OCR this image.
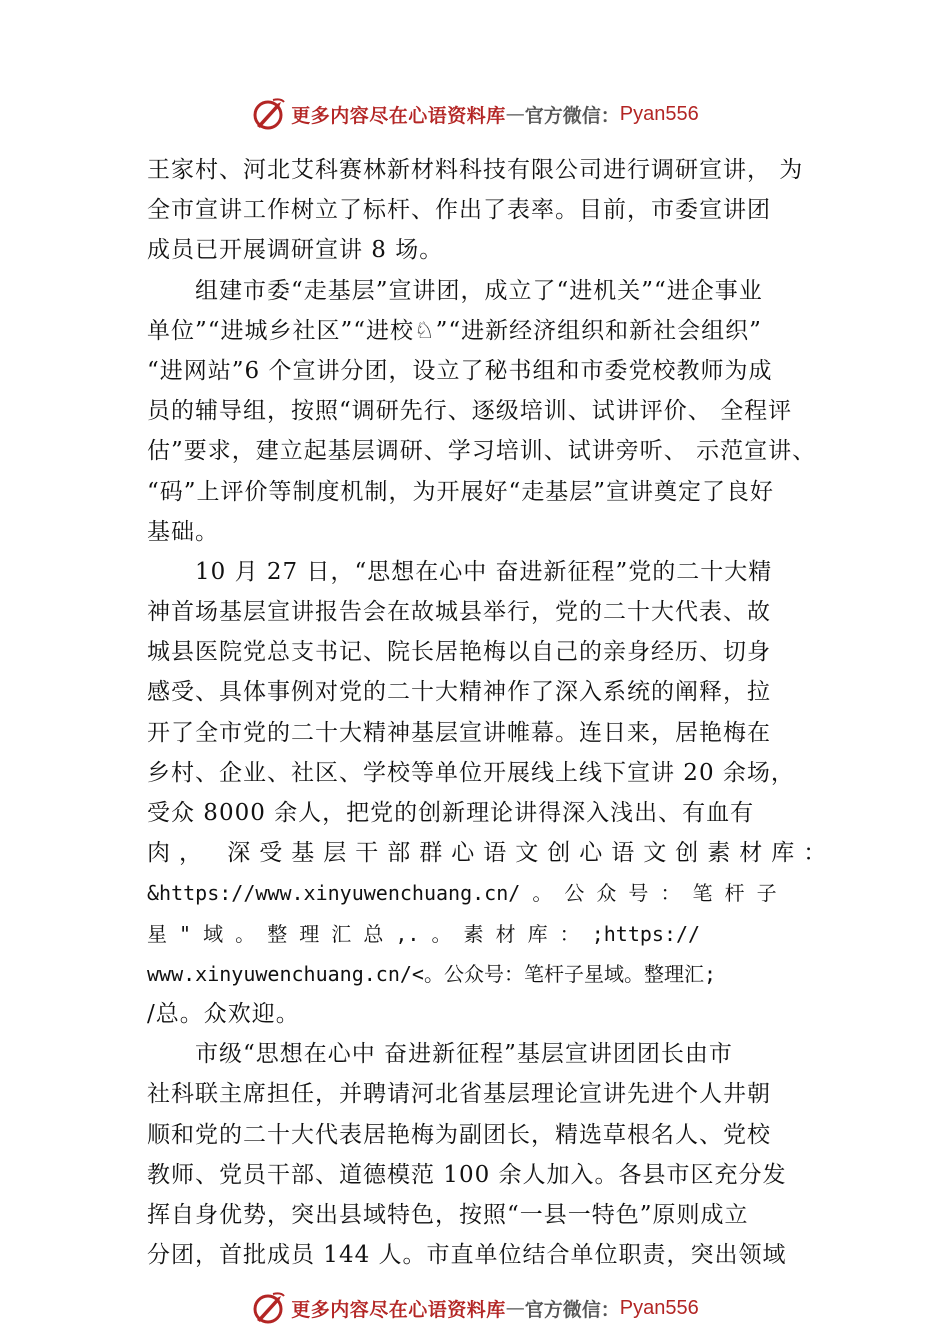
更多内容尽在心语资料库 — 官方微信： Pyan556
王家村、河北艾科赛林新材料科技有限公司进行调研宣讲， 为
全市宣讲工作树立了标杆、作出了表率。目前，市委宣讲团
成员已开展调研宣讲 8 场。
组建市委“走基层”宣讲团，成立了“进机关”“进企事业
单位”“进城乡社区”“进校♘”“进新经济组织和新社会组织”
“进网站”6 个宣讲分团，设立了秘书组和市委党校教师为成
员的辅导组，按照“调研先行、逐级培训、试讲评价、 全程评
估”要求，建立起基层调研、学习培训、试讲旁听、 示范宣讲、
“码”上评价等制度机制，为开展好“走基层”宣讲奠定了良好
基础。
10 月 27 日，“思想在心中 奋进新征程”党的二十大精
神首场基层宣讲报告会在故城县举行，党的二十大代表、故
城县医院党总支书记、院长居艳梅以自己的亲身经历、切身
感受、具体事例对党的二十大精神作了深入系统的阐释，拉
开了全市党的二十大精神基层宣讲帷幕。连日来，居艳梅在
乡村、企业、社区、学校等单位开展线上线下宣讲 20 余场，
受众 8000 余人，把党的创新理论讲得深入浅出、有血有
肉， 深受基层干部群心语文创心语文创素材库：
&https://www.xinyuwenchuang.cn/ 。 公 众 号 ： 笔 杆 子
星 " 域 。 整 理 汇 总 ,. 。 素 材 库 ： ;https://
www.xinyuwenchuang.cn/<。公众号：笔杆子星域。整理汇;
/总。众欢迎。
市级“思想在心中 奋进新征程”基层宣讲团团长由市
社科联主席担任，并聘请河北省基层理论宣讲先进个人井朝
顺和党的二十大代表居艳梅为副团长，精选草根名人、党校
教师、党员干部、道德模范 100 余人加入。各县市区充分发
挥自身优势，突出县域特色，按照“一县一特色”原则成立
分团，首批成员 144 人。市直单位结合单位职责，突出领域
更多内容尽在心语资料库 — 官方微信： Pyan556
